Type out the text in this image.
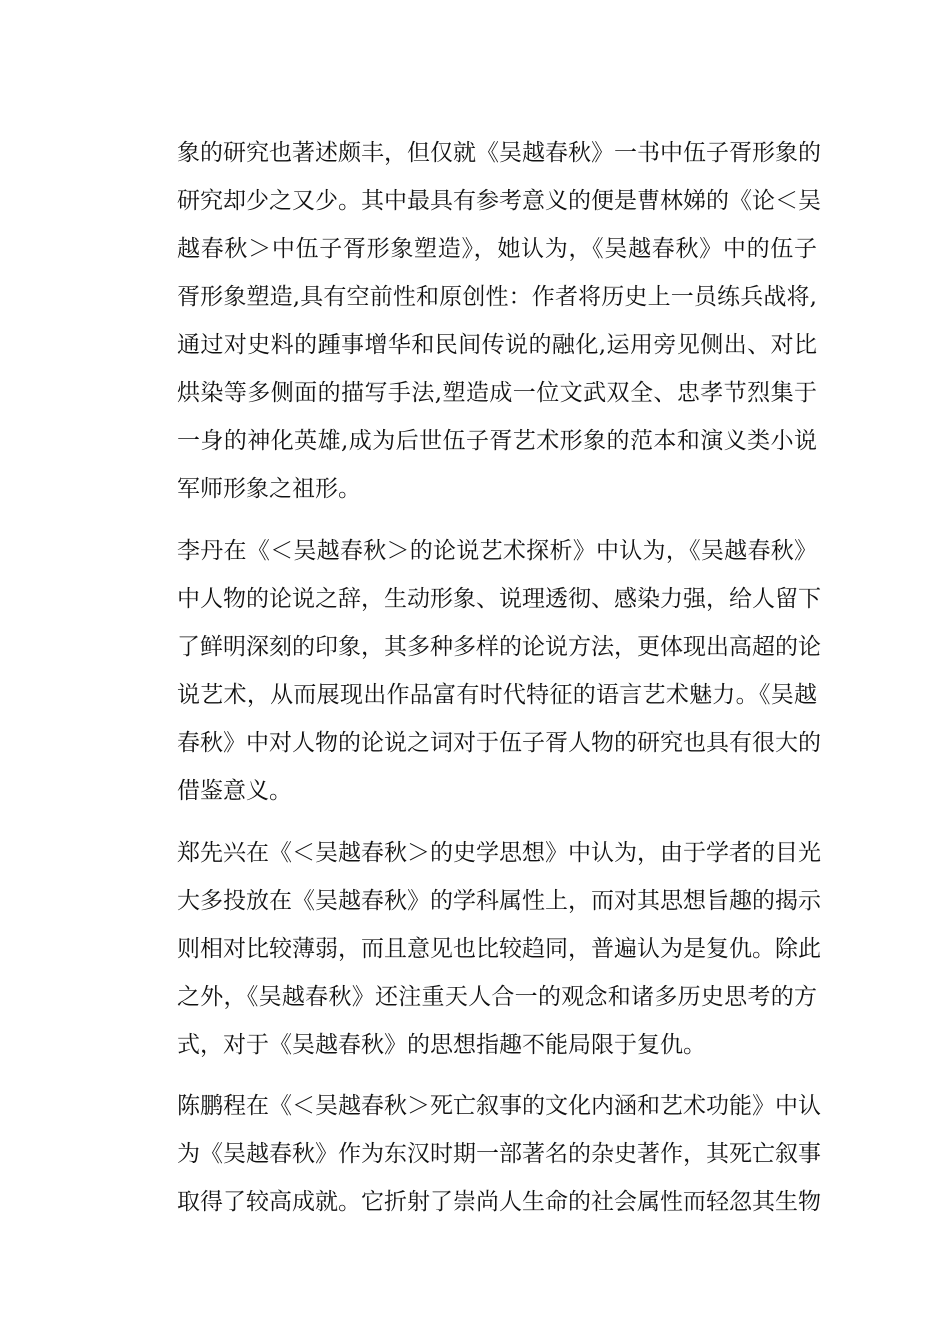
象的研究也著述颇丰，但仅就《吴越春秋》一书中伍子胥形象的

研究却少之又少。其中最具有参考意义的便是曹林娣的《论＜吴

越春秋＞中伍子胥形象塑造》，她认为，《吴越春秋》中的伍子

胥形象塑造,具有空前性和原创性：作者将历史上一员练兵战将,

通过对史料的踵事增华和民间传说的融化,运用旁见侧出、对比

烘染等多侧面的描写手法,塑造成一位文武双全、忠孝节烈集于

一身的神化英雄,成为后世伍子胥艺术形象的范本和演义类小说

军师形象之祖形。

李丹在《＜吴越春秋＞的论说艺术探析》中认为，《吴越春秋》

中人物的论说之辞，生动形象、说理透彻、感染力强，给人留下

了鲜明深刻的印象，其多种多样的论说方法，更体现出高超的论

说艺术，从而展现出作品富有时代特征的语言艺术魅力。《吴越

春秋》中对人物的论说之词对于伍子胥人物的研究也具有很大的

借鉴意义。

郑先兴在《＜吴越春秋＞的史学思想》中认为，由于学者的目光

大多投放在《吴越春秋》的学科属性上，而对其思想旨趣的揭示

则相对比较薄弱，而且意见也比较趋同，普遍认为是复仇。除此

之外，《吴越春秋》还注重天人合一的观念和诸多历史思考的方

式，对于《吴越春秋》的思想指趣不能局限于复仇。

陈鹏程在《＜吴越春秋＞死亡叙事的文化内涵和艺术功能》中认

为《吴越春秋》作为东汉时期一部著名的杂史著作，其死亡叙事

取得了较高成就。它折射了崇尚人生命的社会属性而轻忽其生物
